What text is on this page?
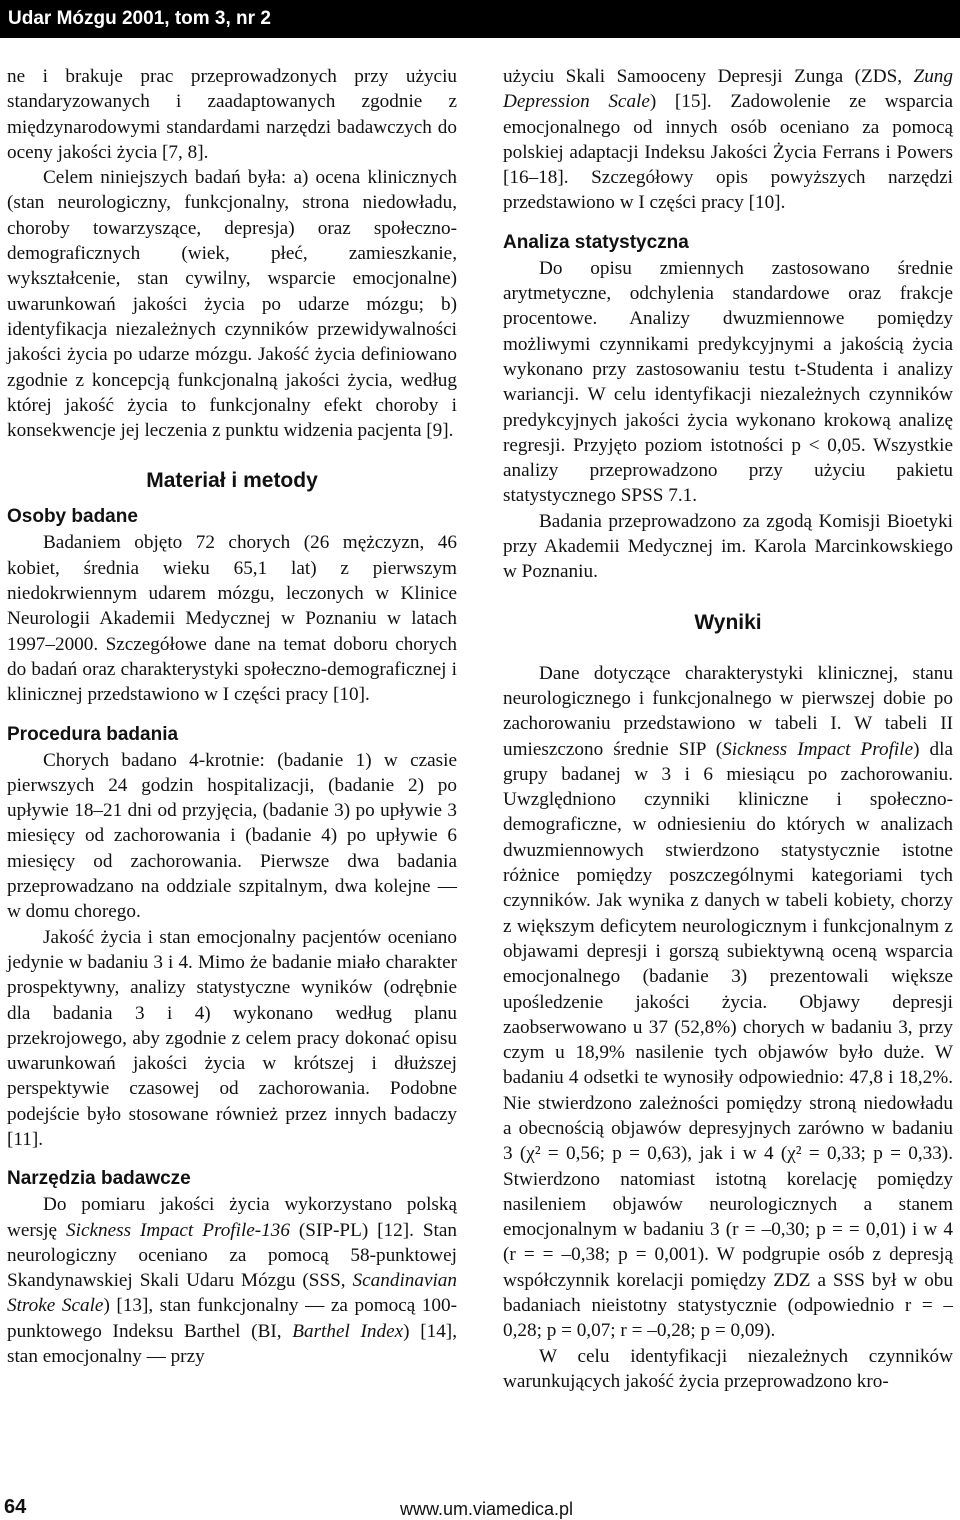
Udar Mózgu 2001, tom 3, nr 2

ne i brakuje prac przeprowadzonych przy użyciu standaryzowanych i zaadaptowanych zgodnie z międzynarodowymi standardami narzędzi badawczych do oceny jakości życia [7, 8].

Celem niniejszych badań była: a) ocena klinicznych (stan neurologiczny, funkcjonalny, strona niedowładu, choroby towarzyszące, depresja) oraz społeczno-demograficznych (wiek, płeć, zamieszkanie, wykształcenie, stan cywilny, wsparcie emocjonalne) uwarunkowań jakości życia po udarze mózgu; b) identyfikacja niezależnych czynników przewidywalności jakości życia po udarze mózgu. Jakość życia definiowano zgodnie z koncepcją funkcjonalną jakości życia, według której jakość życia to funkcjonalny efekt choroby i konsekwencje jej leczenia z punktu widzenia pacjenta [9].

Materiał i metody
Osoby badane

Badaniem objęto 72 chorych (26 mężczyzn, 46 kobiet, średnia wieku 65,1 lat) z pierwszym niedokrwiennym udarem mózgu, leczonych w Klinice Neurologii Akademii Medycznej w Poznaniu w latach 1997–2000. Szczegółowe dane na temat doboru chorych do badań oraz charakterystyki społeczno-demograficznej i klinicznej przedstawiono w I części pracy [10].

Procedura badania

Chorych badano 4-krotnie: (badanie 1) w czasie pierwszych 24 godzin hospitalizacji, (badanie 2) po upływie 18–21 dni od przyjęcia, (badanie 3) po upływie 3 miesięcy od zachorowania i (badanie 4) po upływie 6 miesięcy od zachorowania. Pierwsze dwa badania przeprowadzano na oddziale szpitalnym, dwa kolejne — w domu chorego.

Jakość życia i stan emocjonalny pacjentów oceniano jedynie w badaniu 3 i 4. Mimo że badanie miało charakter prospektywny, analizy statystyczne wyników (odrębnie dla badania 3 i 4) wykonano według planu przekrojowego, aby zgodnie z celem pracy dokonać opisu uwarunkowań jakości życia w krótszej i dłuższej perspektywie czasowej od zachorowania. Podobne podejście było stosowane również przez innych badaczy [11].

Narzędzia badawcze

Do pomiaru jakości życia wykorzystano polską wersję Sickness Impact Profile-136 (SIP-PL) [12]. Stan neurologiczny oceniano za pomocą 58-punktowej Skandynawskiej Skali Udaru Mózgu (SSS, Scandinavian Stroke Scale) [13], stan funkcjonalny — za pomocą 100-punktowego Indeksu Barthel (BI, Barthel Index) [14], stan emocjonalny — przy

użyciu Skali Samooceny Depresji Zunga (ZDS, Zung Depression Scale) [15]. Zadowolenie ze wsparcia emocjonalnego od innych osób oceniano za pomocą polskiej adaptacji Indeksu Jakości Życia Ferrans i Powers [16–18]. Szczegółowy opis powyższych narzędzi przedstawiono w I części pracy [10].

Analiza statystyczna

Do opisu zmiennych zastosowano średnie arytmetyczne, odchylenia standardowe oraz frakcje procentowe. Analizy dwuzmiennowe pomiędzy możliwymi czynnikami predykcyjnymi a jakością życia wykonano przy zastosowaniu testu t-Studenta i analizy wariancji. W celu identyfikacji niezależnych czynników predykcyjnych jakości życia wykonano krokową analizę regresji. Przyjęto poziom istotności p < 0,05. Wszystkie analizy przeprowadzono przy użyciu pakietu statystycznego SPSS 7.1.

Badania przeprowadzono za zgodą Komisji Bioetyki przy Akademii Medycznej im. Karola Marcinkowskiego w Poznaniu.

Wyniki

Dane dotyczące charakterystyki klinicznej, stanu neurologicznego i funkcjonalnego w pierwszej dobie po zachorowaniu przedstawiono w tabeli I. W tabeli II umieszczono średnie SIP (Sickness Impact Profile) dla grupy badanej w 3 i 6 miesiącu po zachorowaniu. Uwzględniono czynniki kliniczne i społeczno-demograficzne, w odniesieniu do których w analizach dwuzmiennowych stwierdzono statystycznie istotne różnice pomiędzy poszczególnymi kategoriami tych czynników. Jak wynika z danych w tabeli kobiety, chorzy z większym deficytem neurologicznym i funkcjonalnym z objawami depresji i gorszą subiektywną oceną wsparcia emocjonalnego (badanie 3) prezentowali większe upośledzenie jakości życia. Objawy depresji zaobserwowano u 37 (52,8%) chorych w badaniu 3, przy czym u 18,9% nasilenie tych objawów było duże. W badaniu 4 odsetki te wynosiły odpowiednio: 47,8 i 18,2%. Nie stwierdzono zależności pomiędzy stroną niedowładu a obecnością objawów depresyjnych zarówno w badaniu 3 (χ² = 0,56; p = 0,63), jak i w 4 (χ² = 0,33; p = 0,33). Stwierdzono natomiast istotną korelację pomiędzy nasileniem objawów neurologicznych a stanem emocjonalnym w badaniu 3 (r = –0,30; p = = 0,01) i w 4 (r = = –0,38; p = 0,001). W podgrupie osób z depresją współczynnik korelacji pomiędzy ZDZ a SSS był w obu badaniach nieistotny statystycznie (odpowiednio r = –0,28; p = 0,07; r = –0,28; p = 0,09).

W celu identyfikacji niezależnych czynników warunkujących jakość życia przeprowadzono kro-

64	www.um.viamedica.pl
